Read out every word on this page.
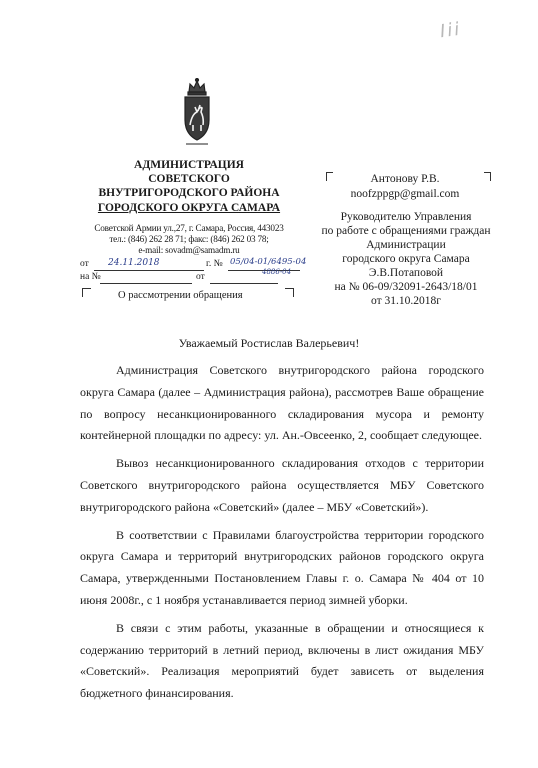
Iii
АДМИНИСТРАЦИЯ
СОВЕТСКОГО
ВНУТРИГОРОДСКОГО РАЙОНА
ГОРОДСКОГО ОКРУГА САМАРА
Советской Армии ул.,27, г. Самара, Россия, 443023
тел.: (846) 262 28 71; факс: (846) 262 03 78;
e-mail: sovadm@samadm.ru
от 24.11.2018	г. № 05/04-01/6495-04
4886-04
на №	от
О рассмотрении обращения
Антонову Р.В.
noofzppgp@gmail.com
Руководителю Управления
по работе с обращениями граждан
Администрации
городского округа Самара
Э.В.Потаповой
на № 06-09/32091-2643/18/01
от 31.10.2018г
Уважаемый Ростислав Валерьевич!

Администрация Советского внутригородского района городского округа Самара (далее – Администрация района), рассмотрев Ваше обращение по вопросу несанкционированного складирования мусора и ремонту контейнерной площадки по адресу: ул. Ан.-Овсеенко, 2, сообщает следующее.

Вывоз несанкционированного складирования отходов с территории Советского внутригородского района осуществляется МБУ Советского внутригородского района «Советский» (далее – МБУ «Советский»).

В соответствии с Правилами благоустройства территории городского округа Самара и территорий внутригородских районов городского округа Самара, утвержденными Постановлением Главы г. о. Самара № 404 от 10 июня 2008г., с 1 ноября устанавливается период зимней уборки.

В связи с этим работы, указанные в обращении и относящиеся к содержанию территорий в летний период, включены в лист ожидания МБУ «Советский». Реализация мероприятий будет зависеть от выделения бюджетного финансирования.
